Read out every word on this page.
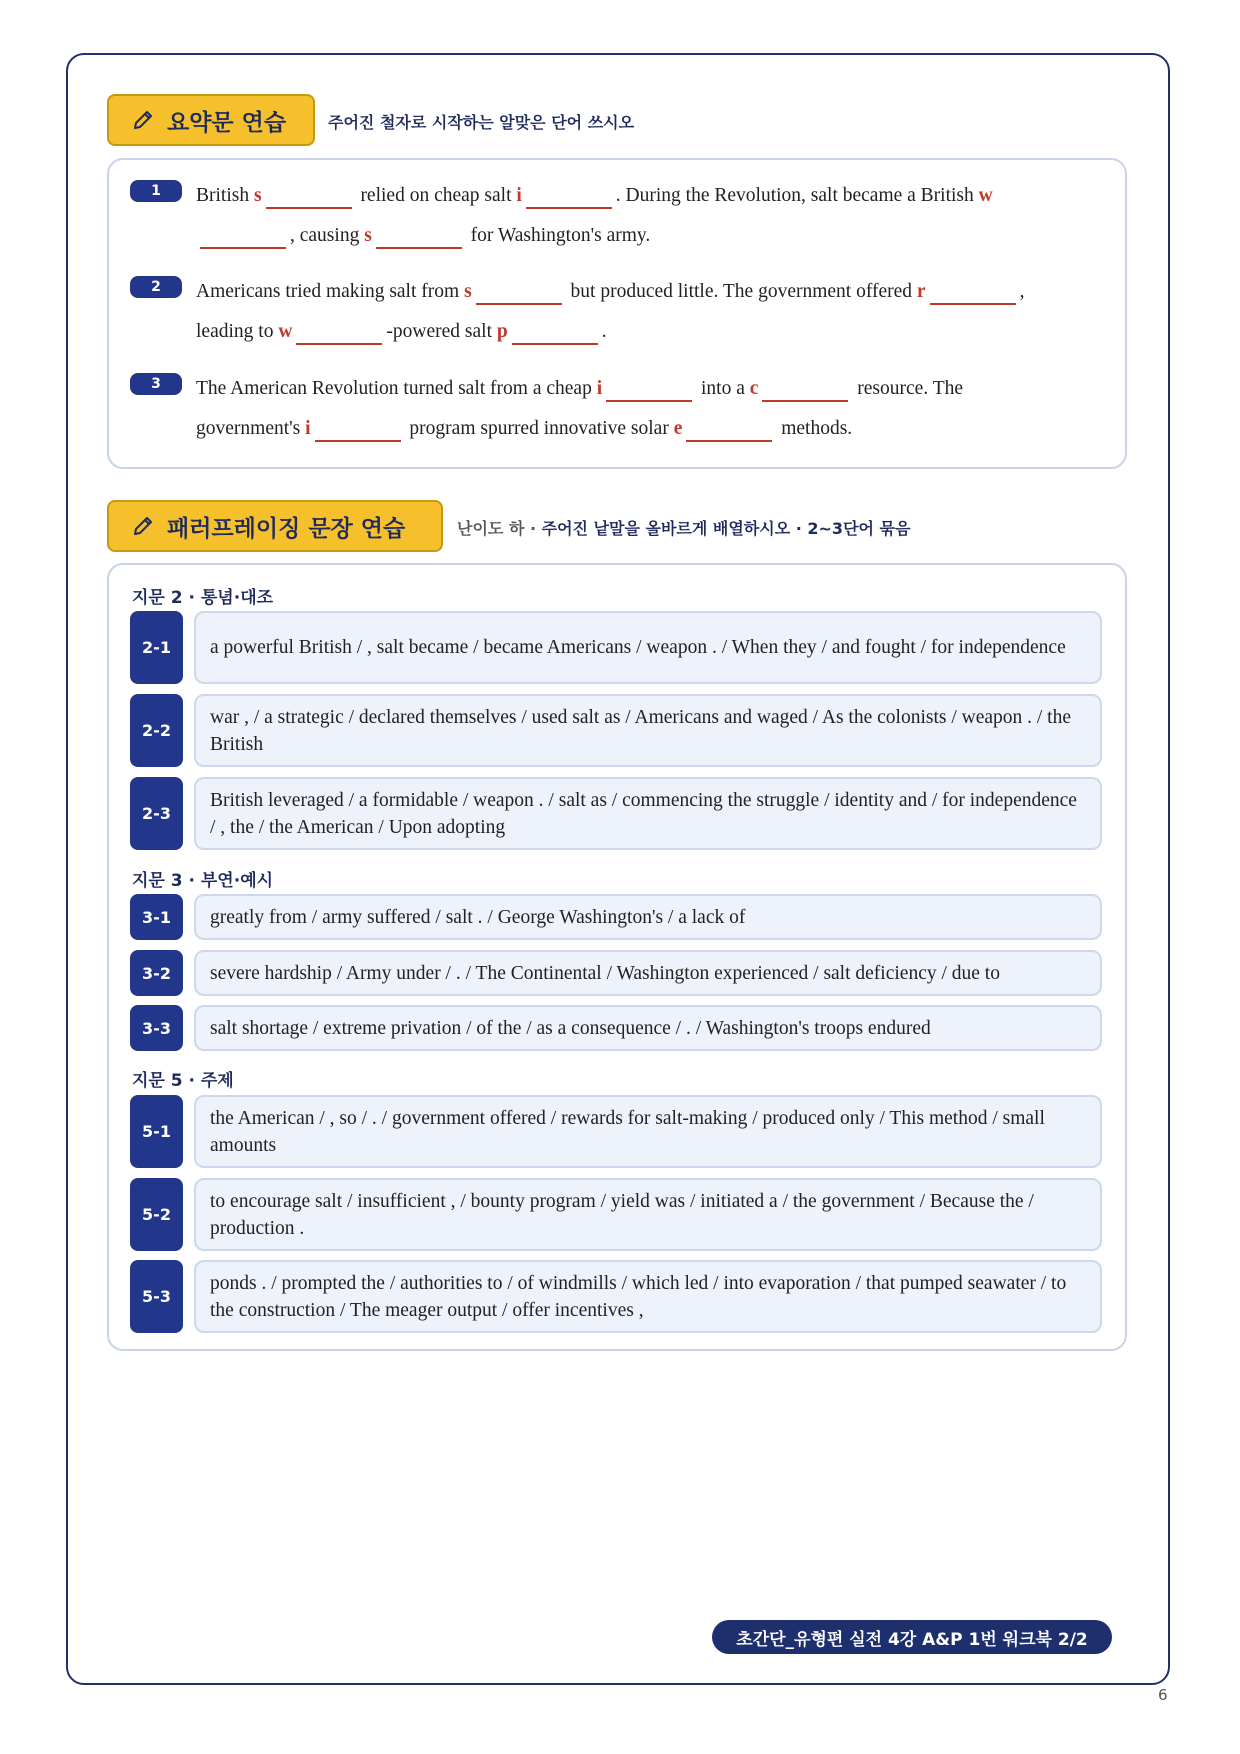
요약문 연습	주어진 철자로 시작하는 알맞은 단어 쓰시오
1	British s	relied on cheap salt i	. During the Revolution, salt became a British w
, causing s	for Washington's army.
2	Americans tried making salt from s	but produced little. The government offered r	,
leading to w	-powered salt p	.
3	The American Revolution turned salt from a cheap i	into a c	resource. The
government's i	program spurred innovative solar e	methods.
패러프레이징 문장 연습	난이도 하 · 주어진 낱말을 올바르게 배열하시오 · 2~3단어 묶음
지문 2 · 통념·대조
2-1	a powerful British / , salt became / became Americans / weapon . / When they / and fought / for independence
2-2
war , / a strategic / declared themselves / used salt as / Americans and waged / As the colonists / weapon . / the British
2-3
British leveraged / a formidable / weapon . / salt as / commencing the struggle / identity and / for independence / , the / the American / Upon adopting
지문 3 · 부연·예시
3-1	greatly from / army suffered / salt . / George Washington's / a lack of
3-2	severe hardship / Army under / . / The Continental / Washington experienced / salt deficiency / due to
3-3	salt shortage / extreme privation / of the / as a consequence / . / Washington's troops endured
지문 5 · 주제
5-1
the American / , so / . / government offered / rewards for salt-making / produced only / This method / small amounts
5-2
to encourage salt / insufficient , / bounty program / yield was / initiated a / the government / Because the / production .
5-3
ponds . / prompted the / authorities to / of windmills / which led / into evaporation / that pumped seawater / to the construction / The meager output / offer incentives ,
초간단_유형편 실전 4강 A&P 1번 워크북 2/2
6
